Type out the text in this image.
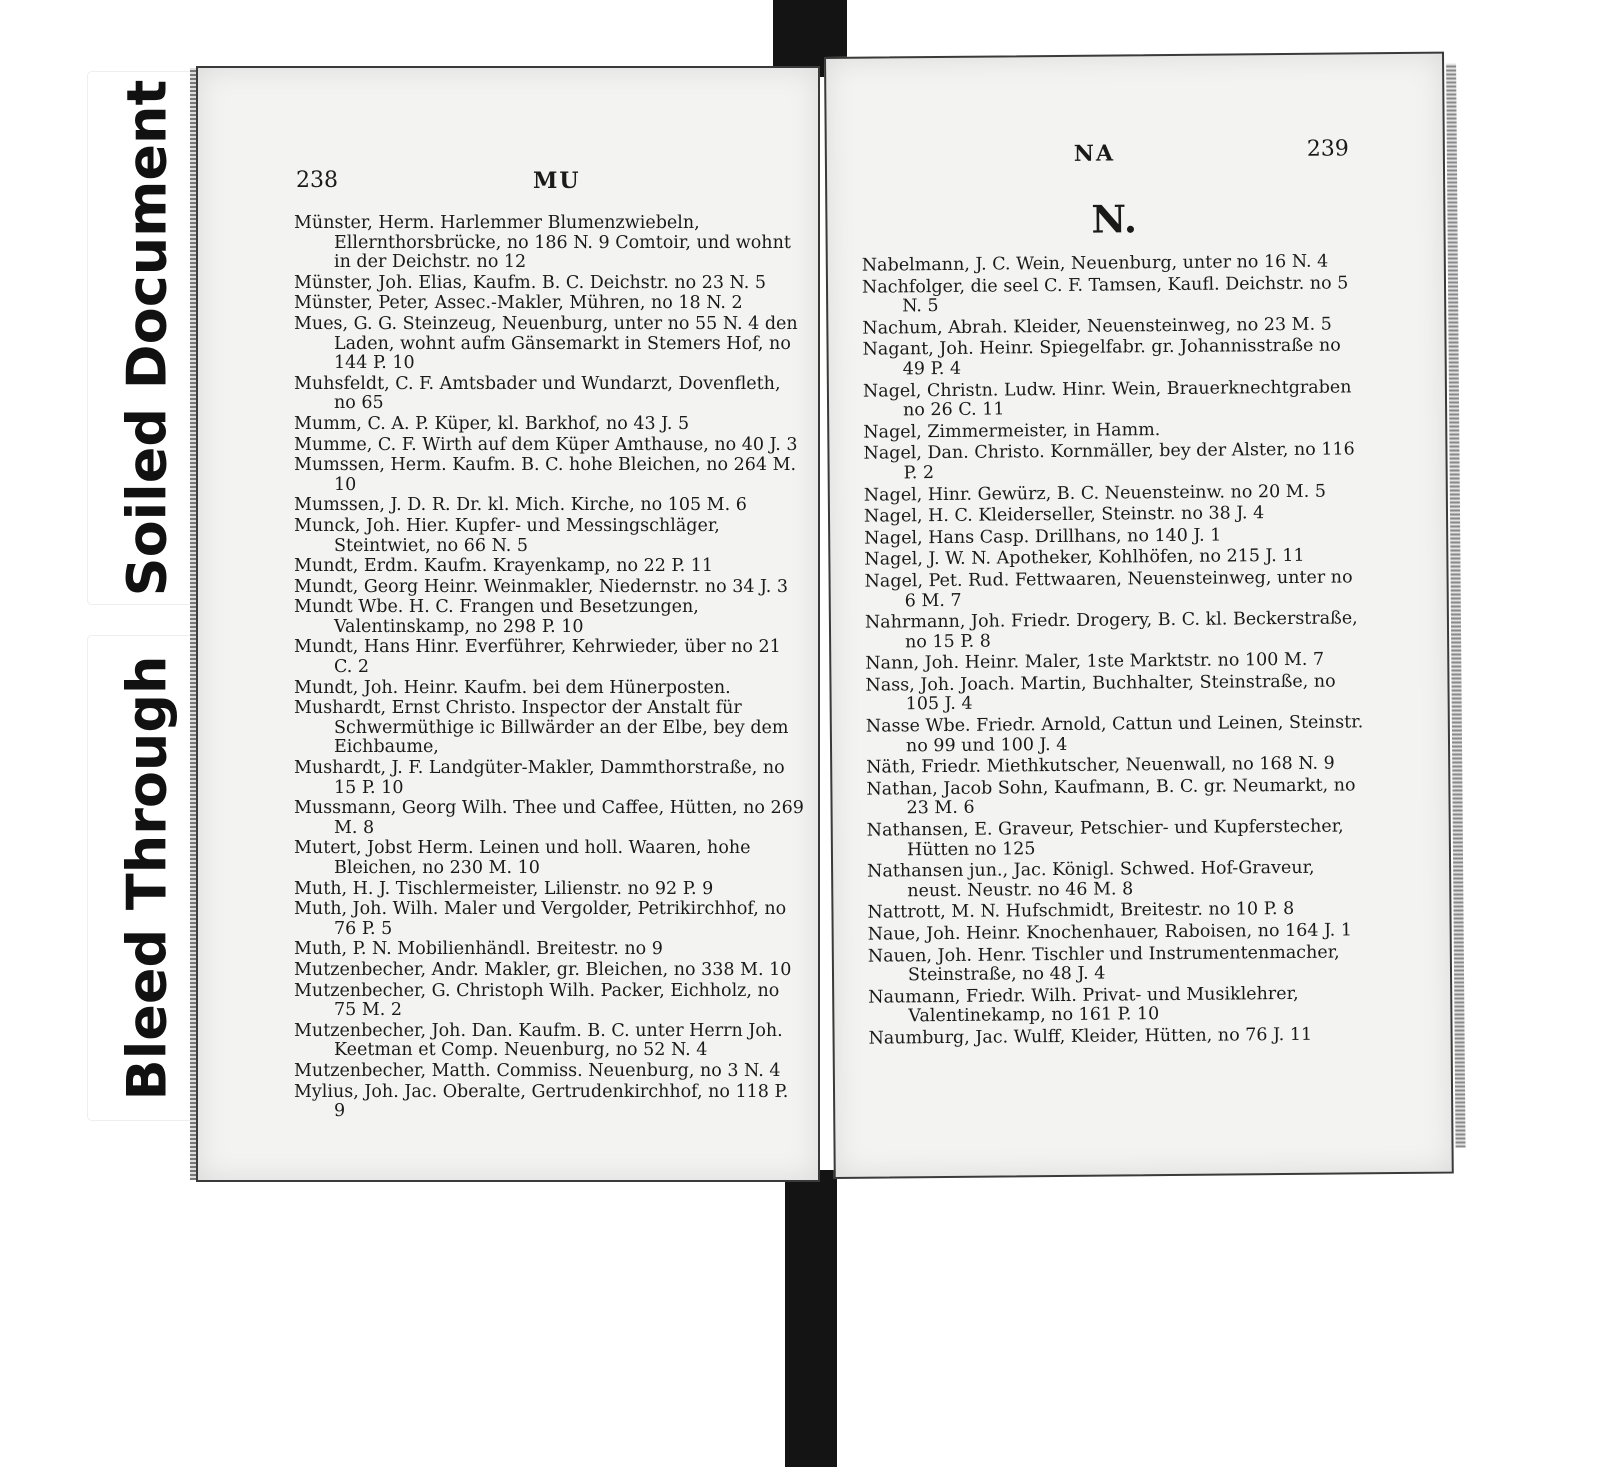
Soiled Document
Bleed Through
238	MU
Münster, Herm. Harlemmer Blumenzwiebeln, Ellernthorsbrücke, no 186 N. 9 Comtoir, und wohnt in der Deichstr. no 12
Münster, Joh. Elias, Kaufm. B. C. Deichstr. no 23 N. 5
Münster, Peter, Assec.-Makler, Mühren, no 18 N. 2
Mues, G. G. Steinzeug, Neuenburg, unter no 55 N. 4 den Laden, wohnt aufm Gänsemarkt in Stemers Hof, no 144 P. 10
Muhsfeldt, C. F. Amtsbader und Wundarzt, Dovenfleth, no 65
Mumm, C. A. P. Küper, kl. Barkhof, no 43 J. 5
Mumme, C. F. Wirth auf dem Küper Amthause, no 40 J. 3
Mumssen, Herm. Kaufm. B. C. hohe Bleichen, no 264 M. 10
Mumssen, J. D. R. Dr. kl. Mich. Kirche, no 105 M. 6
Munck, Joh. Hier. Kupfer- und Messingschläger, Steintwiet, no 66 N. 5
Mundt, Erdm. Kaufm. Krayenkamp, no 22 P. 11
Mundt, Georg Heinr. Weinmakler, Niedernstr. no 34 J. 3
Mundt Wbe. H. C. Frangen und Besetzungen, Valentinskamp, no 298 P. 10
Mundt, Hans Hinr. Everführer, Kehrwieder, über no 21 C. 2
Mundt, Joh. Heinr. Kaufm. bei dem Hünerposten.
Mushardt, Ernst Christo. Inspector der Anstalt für Schwermüthige ic Billwärder an der Elbe, bey dem Eichbaume,
Mushardt, J. F. Landgüter-Makler, Dammthorstraße, no 15 P. 10
Mussmann, Georg Wilh. Thee und Caffee, Hütten, no 269 M. 8
Mutert, Jobst Herm. Leinen und holl. Waaren, hohe Bleichen, no 230 M. 10
Muth, H. J. Tischlermeister, Lilienstr. no 92 P. 9
Muth, Joh. Wilh. Maler und Vergolder, Petrikirchhof, no 76 P. 5
Muth, P. N. Mobilienhändl. Breitestr. no 9
Mutzenbecher, Andr. Makler, gr. Bleichen, no 338 M. 10
Mutzenbecher, G. Christoph Wilh. Packer, Eichholz, no 75 M. 2
Mutzenbecher, Joh. Dan. Kaufm. B. C. unter Herrn Joh. Keetman et Comp. Neuenburg, no 52 N. 4
Mutzenbecher, Matth. Commiss. Neuenburg, no 3 N. 4
Mylius, Joh. Jac. Oberalte, Gertrudenkirchhof, no 118 P. 9
NA	239
N.
Nabelmann, J. C. Wein, Neuenburg, unter no 16 N. 4
Nachfolger, die seel C. F. Tamsen, Kaufl. Deichstr. no 5 N. 5
Nachum, Abrah. Kleider, Neuensteinweg, no 23 M. 5
Nagant, Joh. Heinr. Spiegelfabr. gr. Johannisstraße no 49 P. 4
Nagel, Christn. Ludw. Hinr. Wein, Brauerknechtgraben no 26 C. 11
Nagel, Zimmermeister, in Hamm.
Nagel, Dan. Christo. Kornmäller, bey der Alster, no 116 P. 2
Nagel, Hinr. Gewürz, B. C. Neuensteinw. no 20 M. 5
Nagel, H. C. Kleiderseller, Steinstr. no 38 J. 4
Nagel, Hans Casp. Drillhans, no 140 J. 1
Nagel, J. W. N. Apotheker, Kohlhöfen, no 215 J. 11
Nagel, Pet. Rud. Fettwaaren, Neuensteinweg, unter no 6 M. 7
Nahrmann, Joh. Friedr. Drogery, B. C. kl. Beckerstraße, no 15 P. 8
Nann, Joh. Heinr. Maler, 1ste Marktstr. no 100 M. 7
Nass, Joh. Joach. Martin, Buchhalter, Steinstraße, no 105 J. 4
Nasse Wbe. Friedr. Arnold, Cattun und Leinen, Steinstr. no 99 und 100 J. 4
Näth, Friedr. Miethkutscher, Neuenwall, no 168 N. 9
Nathan, Jacob Sohn, Kaufmann, B. C. gr. Neumarkt, no 23 M. 6
Nathansen, E. Graveur, Petschier- und Kupferstecher, Hütten no 125
Nathansen jun., Jac. Königl. Schwed. Hof-Graveur, neust. Neustr. no 46 M. 8
Nattrott, M. N. Hufschmidt, Breitestr. no 10 P. 8
Naue, Joh. Heinr. Knochenhauer, Raboisen, no 164 J. 1
Nauen, Joh. Henr. Tischler und Instrumentenmacher, Steinstraße, no 48 J. 4
Naumann, Friedr. Wilh. Privat- und Musiklehrer, Valentinekamp, no 161 P. 10
Naumburg, Jac. Wulff, Kleider, Hütten, no 76 J. 11
